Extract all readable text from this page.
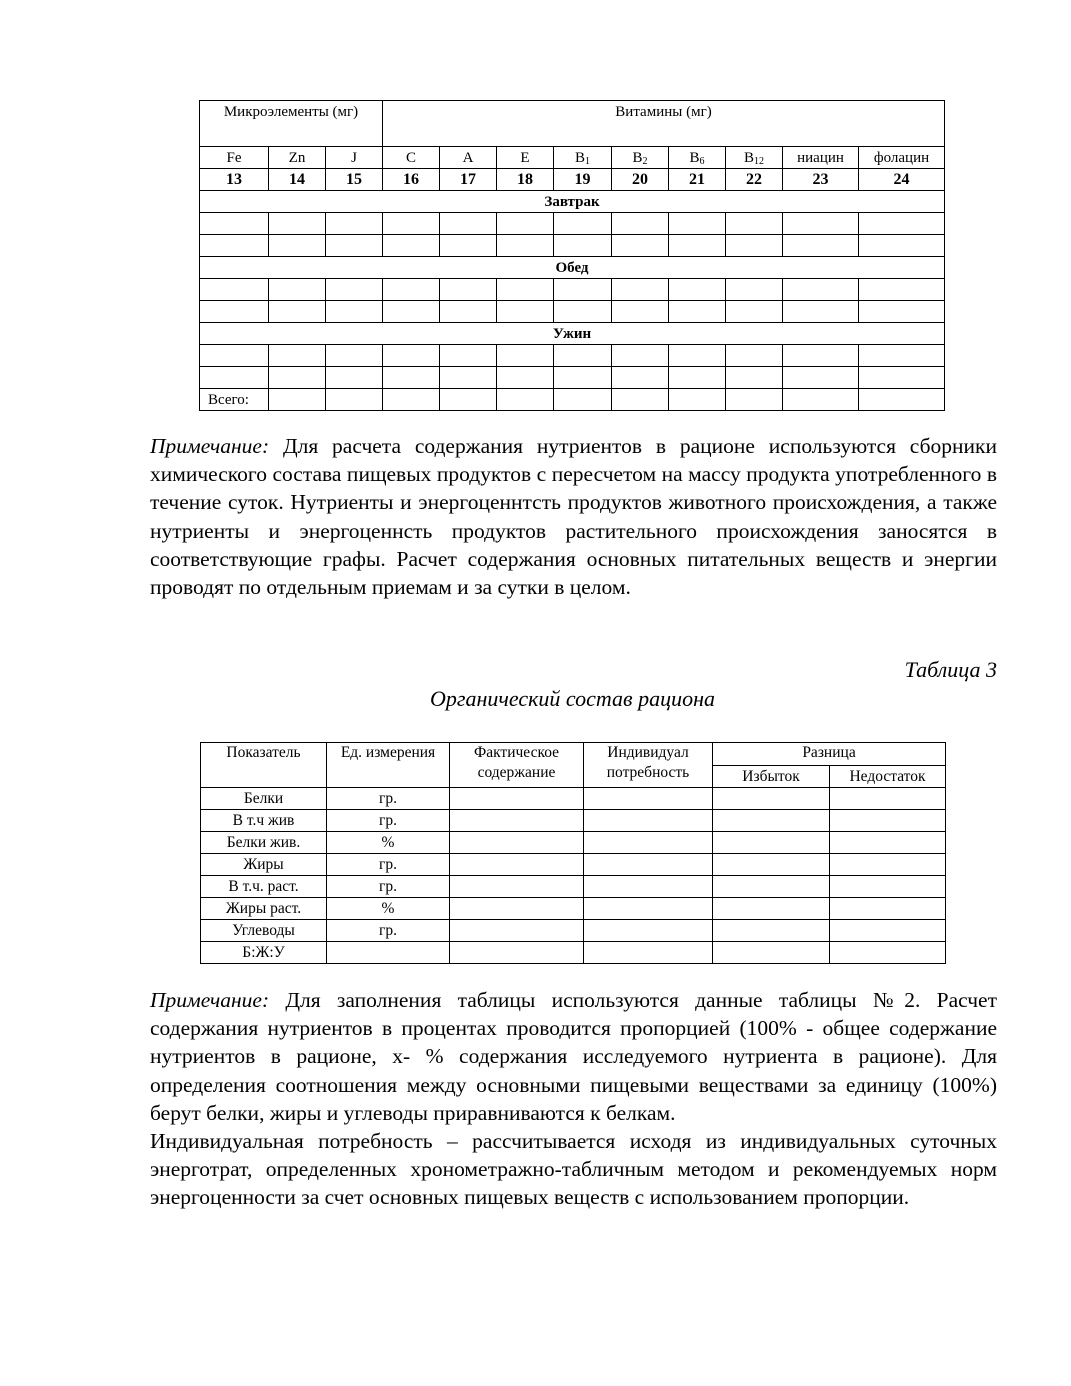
Микроэлементы (мг)			Витамины (мг)								
Fe	Zn	J	C	A	E	$B_1$	$B_2$	$B_6$	$B_{12}$	ниацин	фолацин
13	14	15	16	17	18	19	20	21	22	23	24
Завтрак											

Обед											

Ужин											

Всего:											

Примечание: Для расчета содержания нутриентов в рационе используются сборники химического состава пищевых продуктов с пересчетом на массу продукта употребленного в течение суток. Нутриенты и энергоценнтсть продуктов животного происхождения, а также нутриенты и энергоценнсть продуктов растительного происхождения заносятся в соответствующие графы. Расчет содержания основных питательных веществ и энергии проводят по отдельным приемам и за сутки в целом.

Таблица 3
Органический состав рациона
Показатель	Ед. измерения	Фактическое содержание	Индивидуал потребность	Разница	
				Избыток	Недостаток
Белки	гр.				
В т.ч жив	гр.				
Белки жив.	%				
Жиры	гр.				
В т.ч. раст.	гр.				
Жиры раст.	%				
Углеводы	гр.				
Б:Ж:У					

Примечание: Для заполнения таблицы используются данные таблицы №2. Расчет содержания нутриентов в процентах проводится пропорцией (100% - общее содержание нутриентов в рационе, х- % содержания исследуемого нутриента в рационе). Для определения соотношения между основными пищевыми веществами за единицу (100%) берут белки, жиры и углеводы приравниваются к белкам.

Индивидуальная потребность – рассчитывается исходя из индивидуальных суточных энерготрат, определенных хронометражно-табличным методом и рекомендуемых норм энергоценности за счет основных пищевых веществ с использованием пропорции.
